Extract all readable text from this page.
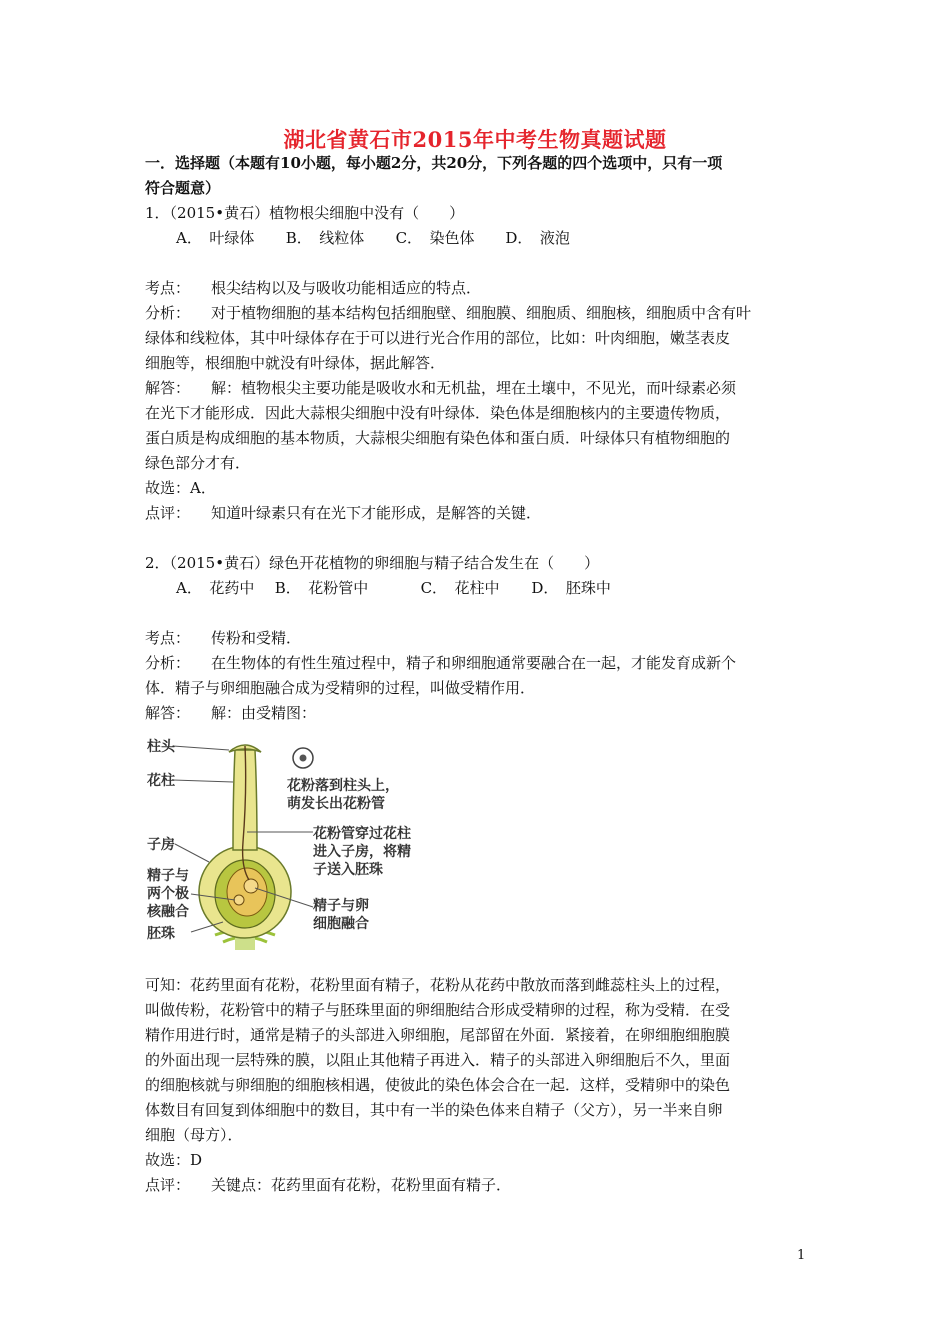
湖北省黄石市2015年中考生物真题试题
一．选择题（本题有10小题，每小题2分，共20分，下列各题的四个选项中，只有一项
符合题意）
1．（2015•黄石）植物根尖细胞中没有（　　）
A．　叶绿体 B．　线粒体 C．　染色体 D．　液泡
考点： 根尖结构以及与吸收功能相适应的特点．
分析： 对于植物细胞的基本结构包括细胞壁、细胞膜、细胞质、细胞核，细胞质中含有叶
绿体和线粒体，其中叶绿体存在于可以进行光合作用的部位，比如：叶肉细胞，嫩茎表皮
细胞等，根细胞中就没有叶绿体，据此解答．
解答： 解：植物根尖主要功能是吸收水和无机盐，埋在土壤中，不见光，而叶绿素必须
在光下才能形成．因此大蒜根尖细胞中没有叶绿体．染色体是细胞核内的主要遗传物质，
蛋白质是构成细胞的基本物质，大蒜根尖细胞有染色体和蛋白质．叶绿体只有植物细胞的
绿色部分才有．
故选：A．
点评： 知道叶绿素只有在光下才能形成，是解答的关键．
2．（2015•黄石）绿色开花植物的卵细胞与精子结合发生在（　　）
A．　花药中 B．　花粉管中	C．　花柱中 D．　胚珠中
考点： 传粉和受精．
分析： 在生物体的有性生殖过程中，精子和卵细胞通常要融合在一起，才能发育成新个
体．精子与卵细胞融合成为受精卵的过程，叫做受精作用．
解答： 解：由受精图：
柱头
花柱
子房
精子与
两个极
核融合
胚珠
花粉落到柱头上，
萌发长出花粉管
花粉管穿过花柱
进入子房，将精
子送入胚珠
精子与卵
细胞融合
可知：花药里面有花粉，花粉里面有精子，花粉从花药中散放而落到雌蕊柱头上的过程，
叫做传粉，花粉管中的精子与胚珠里面的卵细胞结合形成受精卵的过程，称为受精．在受
精作用进行时，通常是精子的头部进入卵细胞，尾部留在外面．紧接着，在卵细胞细胞膜
的外面出现一层特殊的膜，以阻止其他精子再进入．精子的头部进入卵细胞后不久，里面
的细胞核就与卵细胞的细胞核相遇，使彼此的染色体会合在一起．这样，受精卵中的染色
体数目有回复到体细胞中的数目，其中有一半的染色体来自精子（父方），另一半来自卵
细胞（母方）．
故选：D
点评： 关键点：花药里面有花粉，花粉里面有精子．
1
